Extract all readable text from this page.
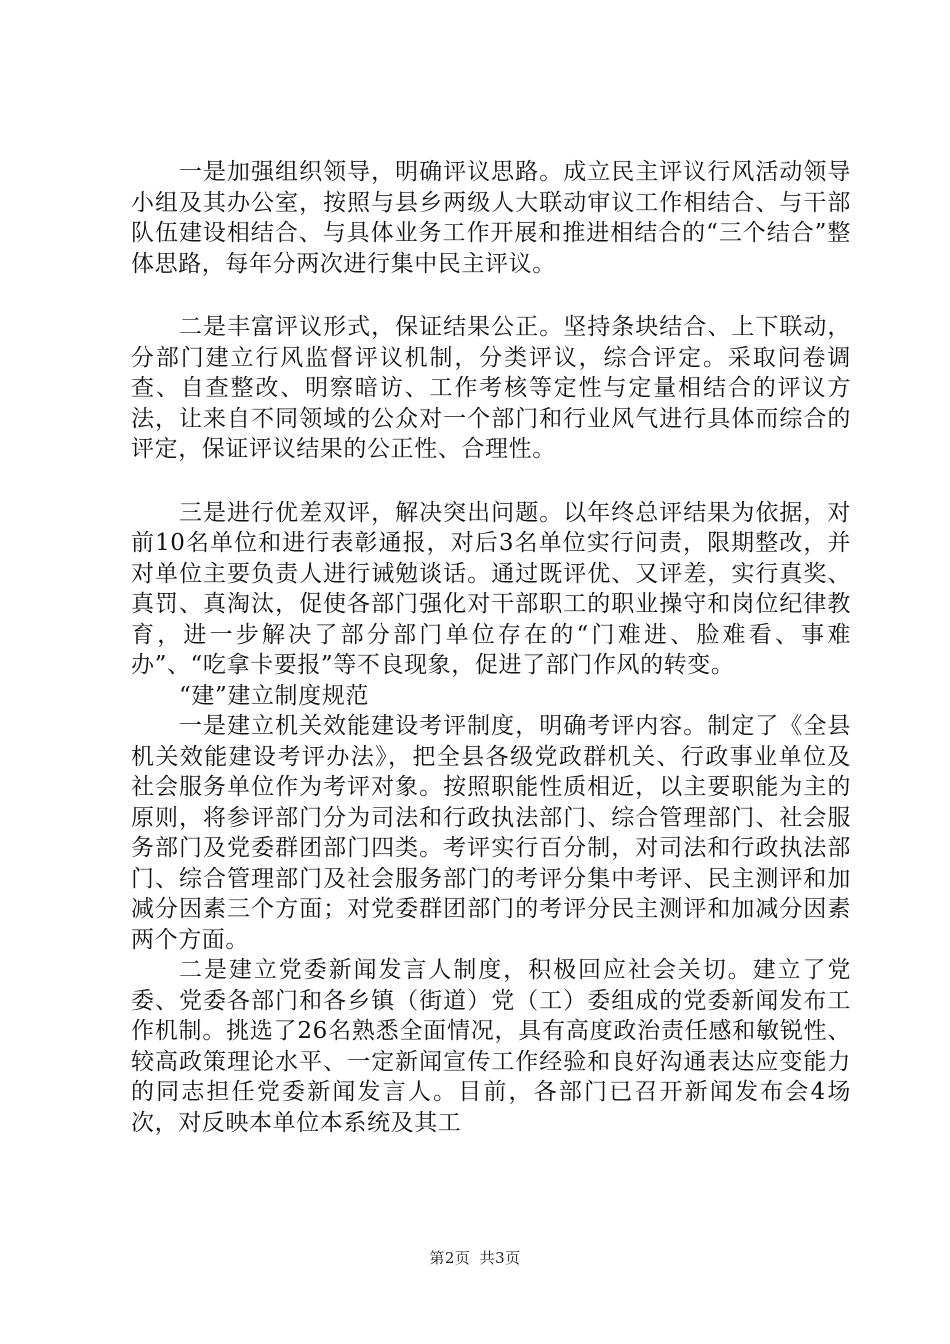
一是加强组织领导，明确评议思路。成立民主评议行风活动领导小组及其办公室，按照与县乡两级人大联动审议工作相结合、与干部队伍建设相结合、与具体业务工作开展和推进相结合的“三个结合”整体思路，每年分两次进行集中民主评议。

二是丰富评议形式，保证结果公正。坚持条块结合、上下联动，分部门建立行风监督评议机制，分类评议，综合评定。采取问卷调查、自查整改、明察暗访、工作考核等定性与定量相结合的评议方法，让来自不同领域的公众对一个部门和行业风气进行具体而综合的评定，保证评议结果的公正性、合理性。

三是进行优差双评，解决突出问题。以年终总评结果为依据，对前10名单位和进行表彰通报，对后3名单位实行问责，限期整改，并对单位主要负责人进行诫勉谈话。通过既评优、又评差，实行真奖、真罚、真淘汰，促使各部门强化对干部职工的职业操守和岗位纪律教育，进一步解决了部分部门单位存在的“门难进、脸难看、事难办”、“吃拿卡要报”等不良现象，促进了部门作风的转变。

“建”建立制度规范

一是建立机关效能建设考评制度，明确考评内容。制定了《全县机关效能建设考评办法》，把全县各级党政群机关、行政事业单位及社会服务单位作为考评对象。按照职能性质相近，以主要职能为主的原则，将参评部门分为司法和行政执法部门、综合管理部门、社会服务部门及党委群团部门四类。考评实行百分制，对司法和行政执法部门、综合管理部门及社会服务部门的考评分集中考评、民主测评和加减分因素三个方面；对党委群团部门的考评分民主测评和加减分因素两个方面。

二是建立党委新闻发言人制度，积极回应社会关切。建立了党委、党委各部门和各乡镇（街道）党（工）委组成的党委新闻发布工作机制。挑选了26名熟悉全面情况，具有高度政治责任感和敏锐性、较高政策理论水平、一定新闻宣传工作经验和良好沟通表达应变能力的同志担任党委新闻发言人。目前，各部门已召开新闻发布会4场次，对反映本单位本系统及其工

第2页 共3页
